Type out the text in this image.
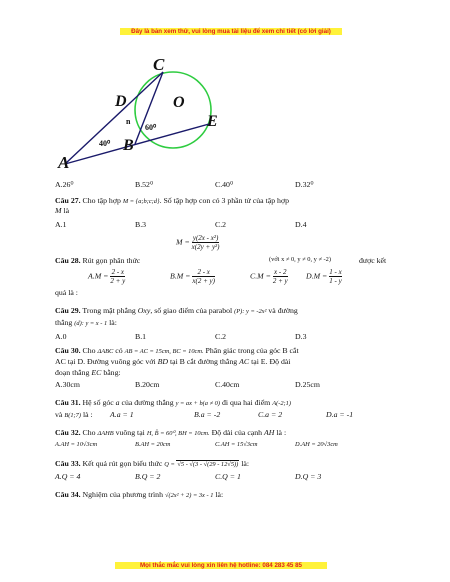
Đây là bản xem thử, vui lòng mua tài liệu để xem chi tiết (có lời giải)
C
D	O
E
A
B
n
40⁰
60⁰
A.26⁰	B.52⁰	C.40⁰	D.32⁰
Câu 27. Cho tập hợp M = {a;b;c;d}. Số tập hợp con có 3 phần tử của tập hợp
M là
A.1	B.3	C.2	D.4
$M = \frac{\text{y(2x - x²)}}{\text{x(2y + y²)}}$
Câu 28. Rút gọn phân thức	(với x ≠ 0, y ≠ 0, y ≠ -2)	được kết
$A.M = \frac{2 - x}{2 + y}$	$B.M = \frac{2 - x}{x(2 + y)}$	$C.M = \frac{x - 2}{2 + y} D.M = \frac{1 - x}{1 - y}$
quả là :
Câu 29. Trong mặt phẳng Oxy, số giao điểm của parabol (P): y = -2x² và đường
thẳng (d): y = x - 1 là:
A.0	B.1	C.2	D.3
Câu 30. Cho ΔABC có AB = AC = 15cm, BC = 10cm. Phân giác trong của góc B cắt
AC tại D. Đường vuông góc với BD tại B cắt đường thẳng AC tại E. Độ dài
đoạn thẳng EC bằng:
A.30cm	B.20cm	C.40cm	D.25cm
Câu 31. Hệ số góc a của đường thẳng y = ax + b(a ≠ 0) đi qua hai điểm A(-2;1)
và B(1;7) là : A.a = 1	B.a = -2	C.a = 2	D.a = -1
Câu 32. Cho ΔAHB vuông tại H, B̂ = 60⁰, BH = 10cm. Độ dài của cạnh AH là :
A.AH = 10√3cm	B.AH = 20cm	C.AH = 15√3cm	D.AH = 20√3cm
Câu 33. Kết quả rút gọn biểu thức Q = √5 - √(3 - √(29 - 12√5)) là:
A.Q = 4	B.Q = 2	C.Q = 1	D.Q = 3
Câu 34. Nghiệm của phương trình √(2x² + 2) = 3x - 1 là:
Mọi thắc mắc vui lòng xin liên hệ hotline: 084 283 45 85
